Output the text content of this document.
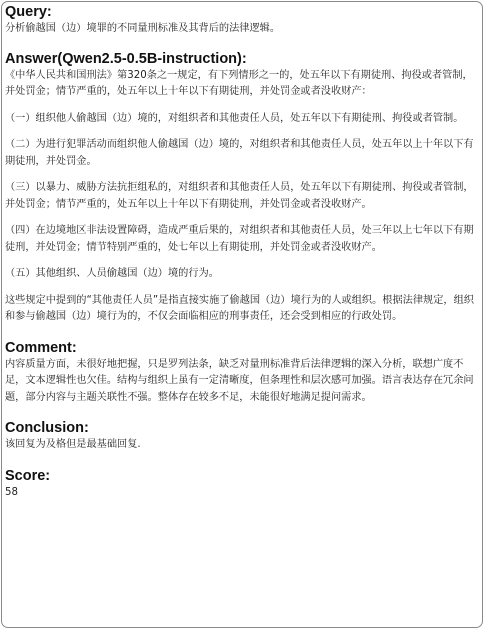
Query:

分析偷越国（边）境罪的不同量刑标准及其背后的法律逻辑。

Answer(Qwen2.5-0.5B-instruction):

《中华人民共和国刑法》第320条之一规定，有下列情形之一的，处五年以下有期徒刑、拘役或者管制，并处罚金；情节严重的，处五年以上十年以下有期徒刑，并处罚金或者没收财产：

（一）组织他人偷越国（边）境的，对组织者和其他责任人员，处五年以下有期徒刑、拘役或者管制。

（二）为进行犯罪活动而组织他人偷越国（边）境的，对组织者和其他责任人员，处五年以上十年以下有期徒刑，并处罚金。

（三）以暴力、威胁方法抗拒组私的，对组织者和其他责任人员，处五年以下有期徒刑、拘役或者管制，并处罚金；情节严重的，处五年以上十年以下有期徒刑，并处罚金或者没收财产。

（四）在边境地区非法设置障碍，造成严重后果的，对组织者和其他责任人员，处三年以上七年以下有期徒刑，并处罚金；情节特别严重的，处七年以上有期徒刑，并处罚金或者没收财产。

（五）其他组织、人员偷越国（边）境的行为。

这些规定中提到的“其他责任人员”是指直接实施了偷越国（边）境行为的人或组织。根据法律规定，组织和参与偷越国（边）境行为的，不仅会面临相应的刑事责任，还会受到相应的行政处罚。

Comment:

内容质量方面，未很好地把握，只是罗列法条，缺乏对量刑标准背后法律逻辑的深入分析，联想广度不足，文本逻辑性也欠佳。结构与组织上虽有一定清晰度，但条理性和层次感可加强。语言表达存在冗余问题，部分内容与主题关联性不强。整体存在较多不足，未能很好地满足提问需求。

Conclusion:

该回复为及格但是最基础回复.

Score:

58
